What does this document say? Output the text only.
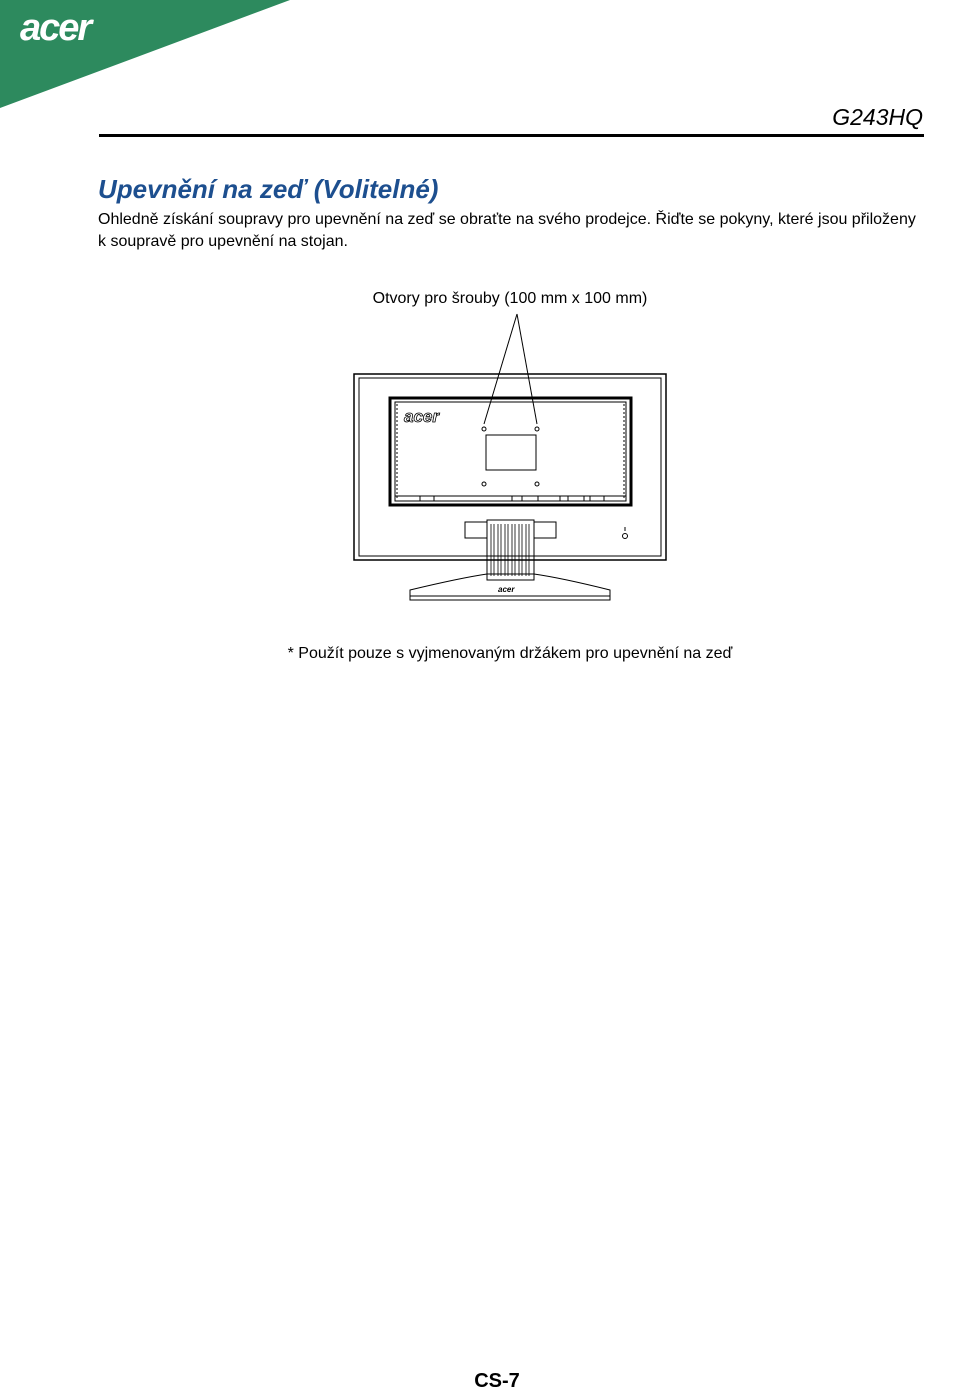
acer
G243HQ
Upevnění na zeď (Volitelné)

Ohledně získání soupravy pro upevnění na zeď se obraťte na svého prodejce. Řiďte se pokyny, které jsou přiloženy k soupravě pro upevnění na stojan.

Otvory pro šrouby (100 mm x 100 mm)
acer
acer
* Použít pouze s vyjmenovaným držákem pro upevnění na zeď
CS-7
